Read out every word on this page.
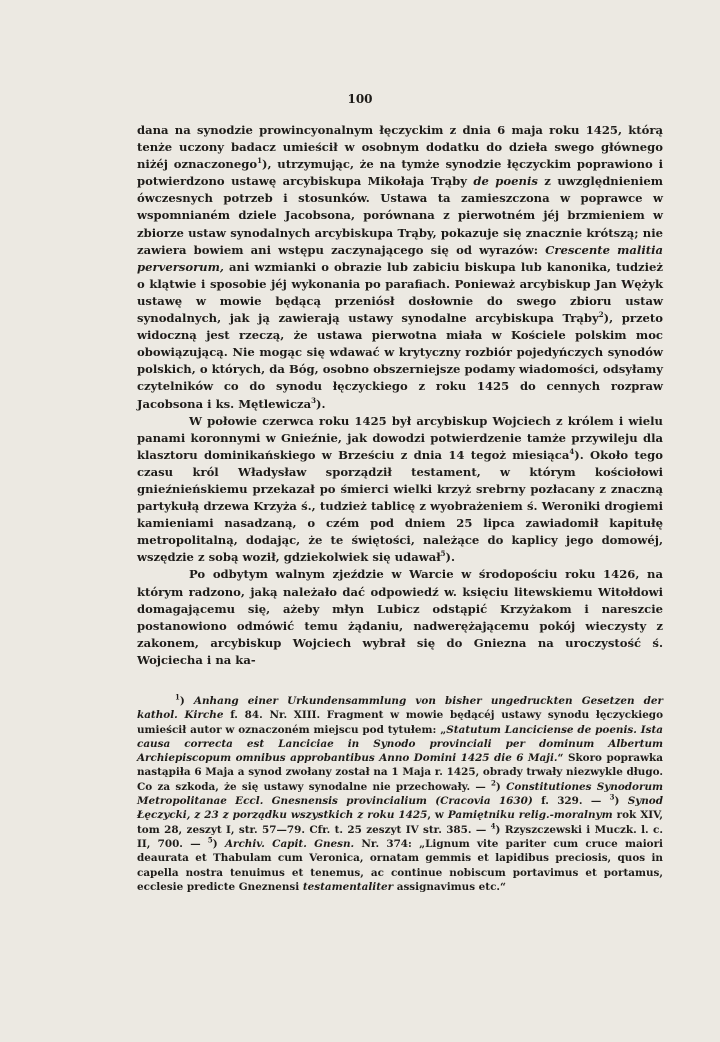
100

dana na synodzie prowincyonalnym łęczyckim z dnia 6 maja roku 1425, którą tenże uczony badacz umieścił w osobnym dodatku do dzieła swego głównego niżéj oznaczonego$^1$), utrzymując, że na tymże synodzie łęczyckim poprawiono i potwierdzono ustawę arcybiskupa Mikołaja Trąby de poenis z uwzględnieniem ówczesnych potrzeb i stosunków. Ustawa ta zamieszczona w poprawce w wspomnianém dziele Jacobsona, porównana z pierwotném jéj brzmieniem w zbiorze ustaw synodalnych arcybiskupa Trąby, pokazuje się znacznie krótszą; nie zawiera bowiem ani wstępu zaczynającego się od wyrazów: Crescente malitia perversorum, ani wzmianki o obrazie lub zabiciu biskupa lub kanonika, tudzież o klątwie i sposobie jéj wykonania po parafiach. Ponieważ arcybiskup Jan Wężyk ustawę w mowie będącą przeniósł dosłownie do swego zbioru ustaw synodalnych, jak ją zawierają ustawy synodalne arcybiskupa Trąby$^2$), przeto widoczną jest rzeczą, że ustawa pierwotna miała w Kościele polskim moc obowiązującą. Nie mogąc się wdawać w krytyczny rozbiór pojedyńczych synodów polskich, o których, da Bóg, osobno obszerniejsze podamy wiadomości, odsyłamy czytelników co do synodu łęczyckiego z roku 1425 do cennych rozpraw Jacobsona i ks. Mętlewicza$^3$).

W połowie czerwca roku 1425 był arcybiskup Wojciech z królem i wielu panami koronnymi w Gnieźnie, jak dowodzi potwierdzenie tamże przywileju dla klasztoru dominikańskiego w Brześciu z dnia 14 tegoż miesiąca$^4$). Około tego czasu król Władysław sporządził testament, w którym kościołowi gnieźnieńskiemu przekazał po śmierci wielki krzyż srebrny pozłacany z znaczną partykułą drzewa Krzyża ś., tudzież tablicę z wyobrażeniem ś. Weroniki drogiemi kamieniami nasadzaną, o czém pod dniem 25 lipca zawiadomił kapitułę metropolitalną, dodając, że te świętości, należące do kaplicy jego domowéj, wszędzie z sobą woził, gdziekolwiek się udawał$^5$).

Po odbytym walnym zjeździe w Warcie w środopościu roku 1426, na którym radzono, jaką należało dać odpowiedź w. księciu litewskiemu Witołdowi domagającemu się, ażeby młyn Lubicz odstąpić Krzyżakom i nareszcie postanowiono odmówić temu żądaniu, nadwerężającemu pokój wieczysty z zakonem, arcybiskup Wojciech wybrał się do Gniezna na uroczystość ś. Wojciecha i na ka-

$^1$) Anhang einer Urkundensammlung von bisher ungedruckten Gesetzen der kathol. Kirche f. 84. Nr. XIII. Fragment w mowie będącéj ustawy synodu łęczyckiego umieścił autor w oznaczoném miejscu pod tytułem: „Statutum Lanciciense de poenis. Ista causa correcta est Lanciciae in Synodo provinciali per dominum Albertum Archiepiscopum omnibus approbantibus Anno Domini 1425 die 6 Maji.“ Skoro poprawka nastąpiła 6 Maja a synod zwołany został na 1 Maja r. 1425, obrady trwały niezwykle długo. Co za szkoda, że się ustawy synodalne nie przechowały. — $^2$) Constitutiones Synodorum Metropolitanae Eccl. Gnesnensis provincialium (Cracovia 1630) f. 329. — $^3$) Synod Łęczycki, z 23 z porządku wszystkich z roku 1425, w Pamiętniku relig.-moralnym rok XIV, tom 28, zeszyt I, str. 57—79. Cfr. t. 25 zeszyt IV str. 385. — $^4$) Rzyszczewski i Muczk. l. c. II, 700. — $^5$) Archiv. Capit. Gnesn. Nr. 374: „Lignum vite pariter cum cruce maiori deaurata et Thabulam cum Veronica, ornatam gemmis et lapidibus preciosis, quos in capella nostra tenuimus et tenemus, ac continue nobiscum portavimus et portamus, ecclesie predicte Gneznensi testamentaliter assignavimus etc.“
